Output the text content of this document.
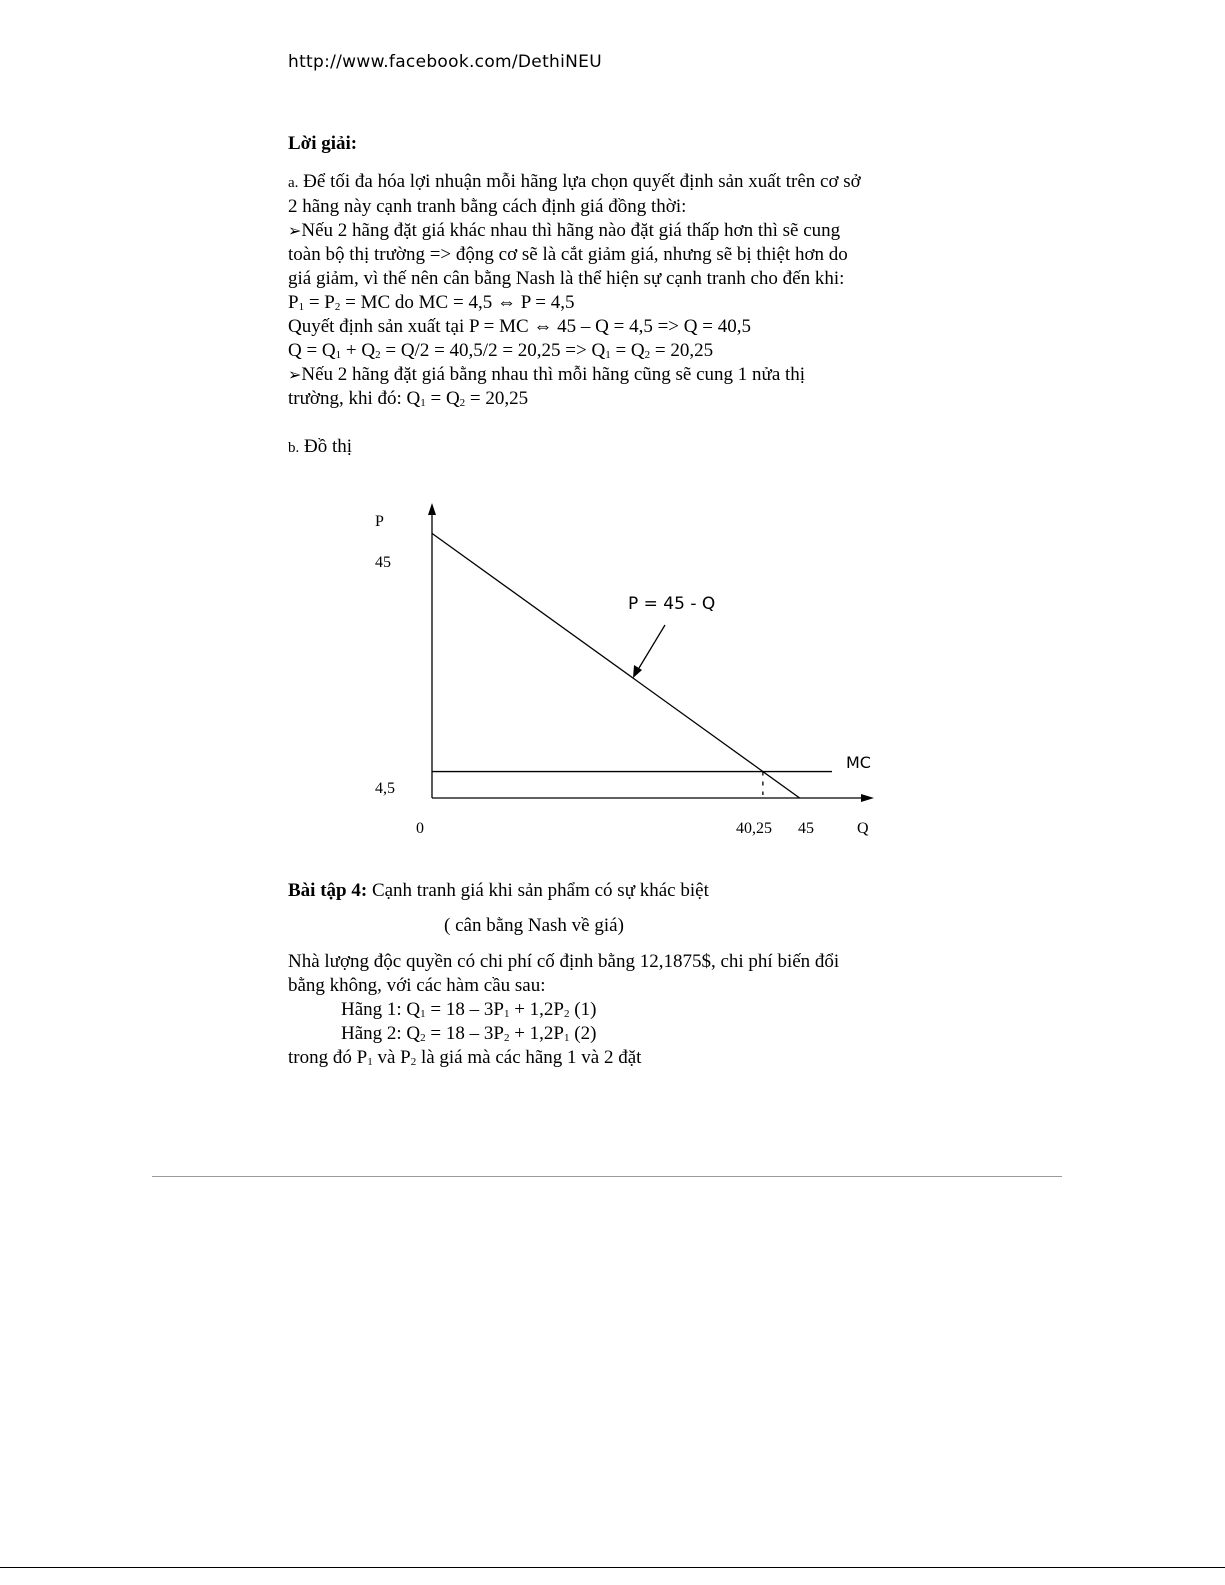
http://www.facebook.com/DethiNEU

Lời giải:

a. Để tối đa hóa lợi nhuận mỗi hãng lựa chọn quyết định sản xuất trên cơ sở

2 hãng này cạnh tranh bằng cách định giá đồng thời:

➢Nếu 2 hãng đặt giá khác nhau thì hãng nào đặt giá thấp hơn thì sẽ cung

toàn bộ thị trường => động cơ sẽ là cắt giảm giá, nhưng sẽ bị thiệt hơn do

giá giảm, vì thế nên cân bằng Nash là thể hiện sự cạnh tranh cho đến khi:

$P_1 = P_2$ = MC do MC = 4,5 ⇔ P = 4,5

Quyết định sản xuất tại P = MC ⇔ 45 – Q = 4,5 => Q = 40,5

$Q = Q_1 + Q_2 = Q/2 = 40,5/2 = 20,25 => Q_1 = Q_2 = 20,25$

➢Nếu 2 hãng đặt giá bằng nhau thì mỗi hãng cũng sẽ cung 1 nửa thị

trường, khi đó: $Q_1 = Q_2 = 20,25$

b. Đồ thị

P
45
4,5
0	40,25 45	Q
P = 45 - Q
MC

Bài tập 4: Cạnh tranh giá khi sản phẩm có sự khác biệt

( cân bằng Nash về giá)

Nhà lượng độc quyền có chi phí cố định bằng 12,1875$, chi phí biến đổi

bằng không, với các hàm cầu sau:

Hãng 1: $Q_1 = 18 - 3P_1 + 1,2P_2$ (1)

Hãng 2: $Q_2 = 18 - 3P_2 + 1,2P_1$ (2)

trong đó $P_1$ và $P_2$ là giá mà các hãng 1 và 2 đặt
